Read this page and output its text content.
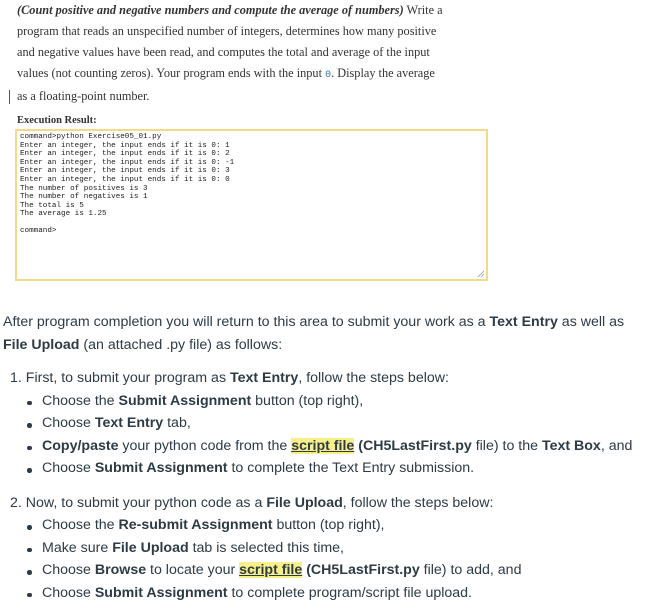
(Count positive and negative numbers and compute the average of numbers) Write a
program that reads an unspecified number of integers, determines how many positive
and negative values have been read, and computes the total and average of the input
values (not counting zeros). Your program ends with the input 0. Display the average
as a floating-point number.
Execution Result:
command>python Exercise05_01.py
Enter an integer, the input ends if it is 0: 1
Enter an integer, the input ends if it is 0: 2
Enter an integer, the input ends if it is 0: -1
Enter an integer, the input ends if it is 0: 3
Enter an integer, the input ends if it is 0: 0
The number of positives is 3
The number of negatives is 1
The total is 5
The average is 1.25
command>

After program completion you will return to this area to submit your work as a Text Entry as well as
File Upload (an attached .py file) as follows:

1. First, to submit your program as Text Entry, follow the steps below:
Choose the Submit Assignment button (top right),
Choose Text Entry tab,
Copy/paste your python code from the script file (CH5LastFirst.py file) to the Text Box, and
Choose Submit Assignment to complete the Text Entry submission.
2. Now, to submit your python code as a File Upload, follow the steps below:
Choose the Re-submit Assignment button (top right),
Make sure File Upload tab is selected this time,
Choose Browse to locate your script file (CH5LastFirst.py file) to add, and
Choose Submit Assignment to complete program/script file upload.
